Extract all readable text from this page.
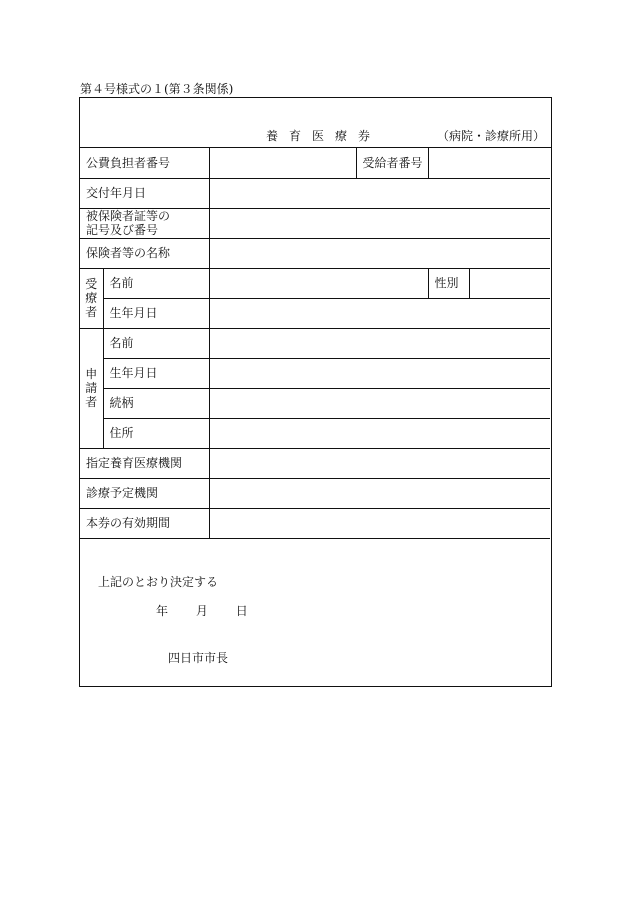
第４号様式の１(第３条関係)
養育医療券	（病院・診療所用）
公費負担者番号			受給者番号		
交付年月日					

被保険者証等の
記号及び番号					

保険者等の名称					
受療者	名前			性別	
	生年月日				
申請者	名前				
	生年月日				
	続柄				
	住所				
指定養育医療機関					
診療予定機関					
本券の有効期間					
上記のとおり決定する
年 月 日
四日市市長
